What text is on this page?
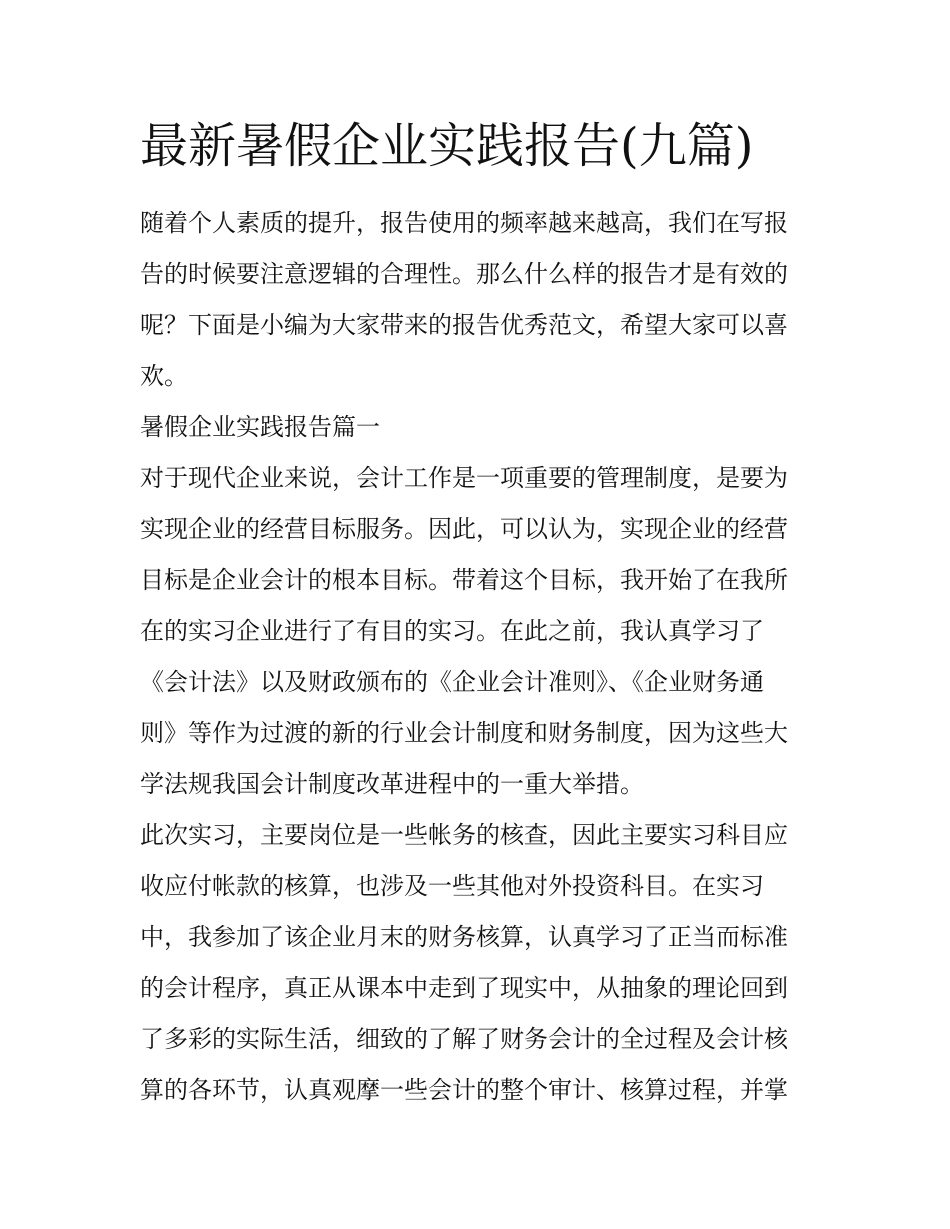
最新暑假企业实践报告(九篇)
随着个人素质的提升，报告使用的频率越来越高，我们在写报
告的时候要注意逻辑的合理性。那么什么样的报告才是有效的
呢？下面是小编为大家带来的报告优秀范文，希望大家可以喜
欢。
暑假企业实践报告篇一
对于现代企业来说，会计工作是一项重要的管理制度，是要为
实现企业的经营目标服务。因此，可以认为，实现企业的经营
目标是企业会计的根本目标。带着这个目标，我开始了在我所
在的实习企业进行了有目的实习。在此之前，我认真学习了
《会计法》以及财政颁布的《企业会计准则》、《企业财务通
则》等作为过渡的新的行业会计制度和财务制度，因为这些大
学法规我国会计制度改革进程中的一重大举措。
此次实习，主要岗位是一些帐务的核查，因此主要实习科目应
收应付帐款的核算，也涉及一些其他对外投资科目。在实习
中，我参加了该企业月末的财务核算，认真学习了正当而标准
的会计程序，真正从课本中走到了现实中，从抽象的理论回到
了多彩的实际生活，细致的了解了财务会计的全过程及会计核
算的各环节，认真观摩一些会计的整个审计、核算过程，并掌
